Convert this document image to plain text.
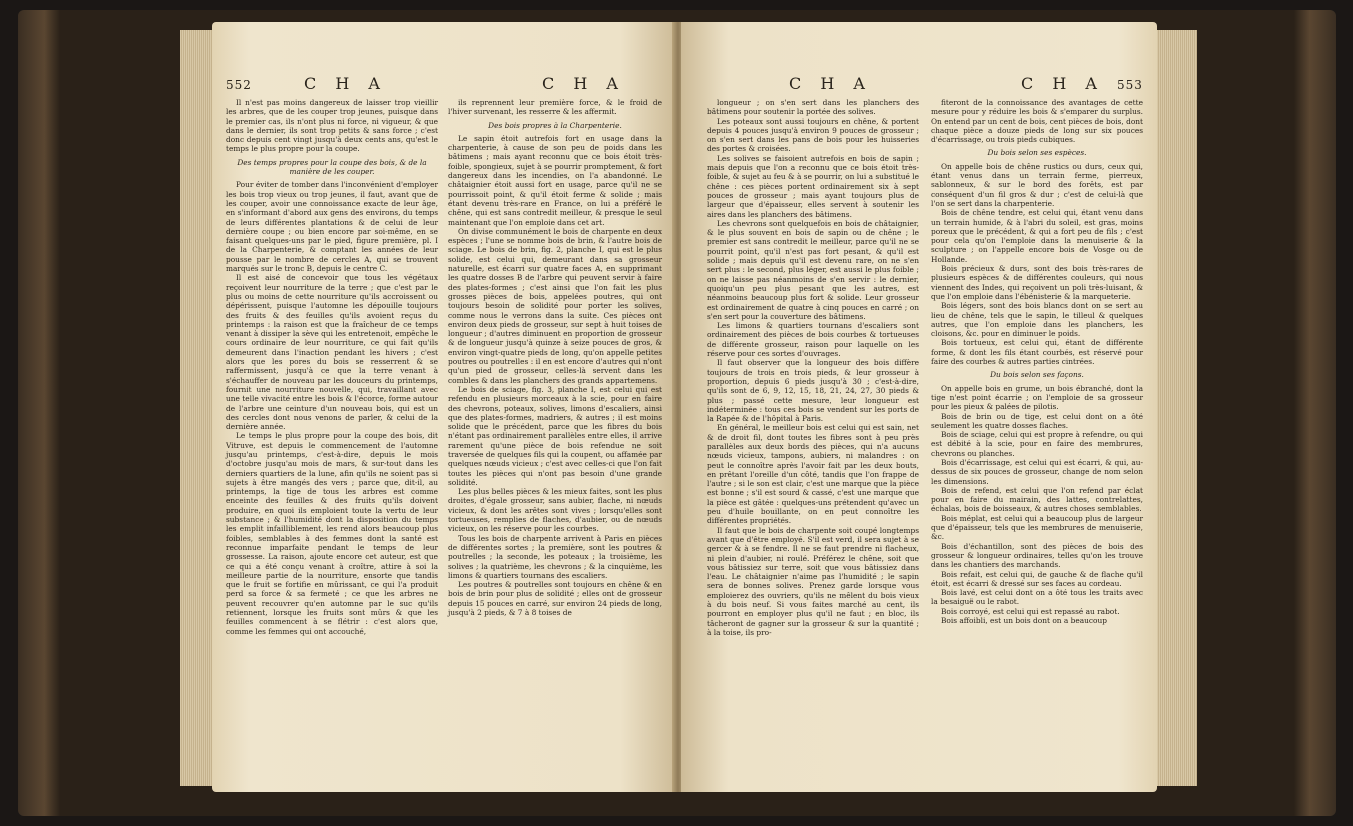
552	C H A	C H A

Il n'est pas moins dangereux de laisser trop vieillir les arbres, que de les couper trop jeunes, puisque dans le premier cas, ils n'ont plus ni force, ni vigueur, & que dans le dernier, ils sont trop petits & sans force ; c'est donc depuis cent vingt jusqu'à deux cents ans, qu'est le temps le plus propre pour la coupe.

Des temps propres pour la coupe des bois, & de la manière de les couper.

Pour éviter de tomber dans l'inconvénient d'employer les bois trop vieux ou trop jeunes, il faut, avant que de les couper, avoir une connoissance exacte de leur âge, en s'informant d'abord aux gens des environs, du temps de leurs différentes plantations & de celui de leur dernière coupe ; ou bien encore par soi-même, en se faisant quelques-uns par le pied, figure première, pl. I de la Charpenterie, & comptant les années de leur pousse par le nombre de cercles A, qui se trouvent marqués sur le tronc B, depuis le centre C.

Il est aisé de concevoir que tous les végétaux reçoivent leur nourriture de la terre ; que c'est par le plus ou moins de cette nourriture qu'ils accroissent ou dépérissent, puisque l'automne les dépouille toujours des fruits & des feuilles qu'ils avoient reçus du printemps : la raison est que la fraîcheur de ce temps venant à dissiper la sève qui les entretenoit, empêche le cours ordinaire de leur nourriture, ce qui fait qu'ils demeurent dans l'inaction pendant les hivers ; c'est alors que les pores du bois se resserrent & se raffermissent, jusqu'à ce que la terre venant à s'échauffer de nouveau par les douceurs du printemps, fournit une nourriture nouvelle, qui, travaillant avec une telle vivacité entre les bois & l'écorce, forme autour de l'arbre une ceinture d'un nouveau bois, qui est un des cercles dont nous venons de parler, & celui de la dernière année.

Le temps le plus propre pour la coupe des bois, dit Vitruve, est depuis le commencement de l'automne jusqu'au printemps, c'est-à-dire, depuis le mois d'octobre jusqu'au mois de mars, & sur-tout dans les derniers quartiers de la lune, afin qu'ils ne soient pas si sujets à être mangés des vers ; parce que, dit-il, au printemps, la tige de tous les arbres est comme enceinte des feuilles & des fruits qu'ils doivent produire, en quoi ils emploient toute la vertu de leur substance ; & l'humidité dont la disposition du temps les emplit infailliblement, les rend alors beaucoup plus foibles, semblables à des femmes dont la santé est reconnue imparfaite pendant le temps de leur grossesse. La raison, ajoute encore cet auteur, est que ce qui a été conçu venant à croître, attire à soi la meilleure partie de la nourriture, ensorte que tandis que le fruit se fortifie en mûrissant, ce qui l'a produit perd sa force & sa fermeté ; ce que les arbres ne peuvent recouvrer qu'en automne par le suc qu'ils retiennent, lorsque les fruits sont mûrs & que les feuilles commencent à se flétrir : c'est alors que, comme les femmes qui ont accouché,

ils reprennent leur première force, & le froid de l'hiver survenant, les resserre & les affermit.

Des bois propres à la Charpenterie.

Le sapin étoit autrefois fort en usage dans la charpenterie, à cause de son peu de poids dans les bâtimens ; mais ayant reconnu que ce bois étoit très-foible, spongieux, sujet à se pourrir promptement, & fort dangereux dans les incendies, on l'a abandonné. Le châtaignier étoit aussi fort en usage, parce qu'il ne se pourrissoit point, & qu'il étoit ferme & solide ; mais étant devenu très-rare en France, on lui a préféré le chêne, qui est sans contredit meilleur, & presque le seul maintenant que l'on emploie dans cet art.

On divise communément le bois de charpente en deux espèces ; l'une se nomme bois de brin, & l'autre bois de sciage. Le bois de brin, fig. 2, planche I, qui est le plus solide, est celui qui, demeurant dans sa grosseur naturelle, est écarri sur quatre faces A, en supprimant les quatre dosses B de l'arbre qui peuvent servir à faire des plates-formes ; c'est ainsi que l'on fait les plus grosses pièces de bois, appelées poutres, qui ont toujours besoin de solidité pour porter les solives, comme nous le verrons dans la suite. Ces pièces ont environ deux pieds de grosseur, sur sept à huit toises de longueur ; d'autres diminuent en proportion de grosseur & de longueur jusqu'à quinze à seize pouces de gros, & environ vingt-quatre pieds de long, qu'on appelle petites poutres ou poutrelles : il en est encore d'autres qui n'ont qu'un pied de grosseur, celles-là servent dans les combles & dans les planchers des grands appartemens.

Le bois de sciage, fig. 3, planche I, est celui qui est refendu en plusieurs morceaux à la scie, pour en faire des chevrons, poteaux, solives, limons d'escaliers, ainsi que des plates-formes, madriers, & autres ; il est moins solide que le précédent, parce que les fibres du bois n'étant pas ordinairement parallèles entre elles, il arrive rarement qu'une pièce de bois refendue ne soit traversée de quelques fils qui la coupent, ou affamée par quelques nœuds vicieux ; c'est avec celles-ci que l'on fait toutes les pièces qui n'ont pas besoin d'une grande solidité.

Les plus belles pièces & les mieux faites, sont les plus droites, d'égale grosseur, sans aubier, flache, ni nœuds vicieux, & dont les arêtes sont vives ; lorsqu'elles sont tortueuses, remplies de flaches, d'aubier, ou de nœuds vicieux, on les réserve pour les courbes.

Tous les bois de charpente arrivent à Paris en pièces de différentes sortes ; la première, sont les poutres & poutrelles ; la seconde, les poteaux ; la troisième, les solives ; la quatrième, les chevrons ; & la cinquième, les limons & quartiers tournans des escaliers.

Les poutres & poutrelles sont toujours en chêne & en bois de brin pour plus de solidité ; elles ont de grosseur depuis 15 pouces en carré, sur environ 24 pieds de long, jusqu'à 2 pieds, & 7 à 8 toises de

C H A	C H A 553

longueur ; on s'en sert dans les planchers des bâtimens pour soutenir la portée des solives.

Les poteaux sont aussi toujours en chêne, & portent depuis 4 pouces jusqu'à environ 9 pouces de grosseur ; on s'en sert dans les pans de bois pour les huisseries des portes & croisées.

Les solives se faisoient autrefois en bois de sapin ; mais depuis que l'on a reconnu que ce bois étoit très-foible, & sujet au feu & à se pourrir, on lui a substitué le chêne : ces pièces portent ordinairement six à sept pouces de grosseur ; mais ayant toujours plus de largeur que d'épaisseur, elles servent à soutenir les aires dans les planchers des bâtimens.

Les chevrons sont quelquefois en bois de châtaignier, & le plus souvent en bois de sapin ou de chêne ; le premier est sans contredit le meilleur, parce qu'il ne se pourrit point, qu'il n'est pas fort pesant, & qu'il est solide ; mais depuis qu'il est devenu rare, on ne s'en sert plus : le second, plus léger, est aussi le plus foible ; on ne laisse pas néanmoins de s'en servir : le dernier, quoiqu'un peu plus pesant que les autres, est néanmoins beaucoup plus fort & solide. Leur grosseur est ordinairement de quatre à cinq pouces en carré ; on s'en sert pour la couverture des bâtimens.

Les limons & quartiers tournans d'escaliers sont ordinairement des pièces de bois courbes & tortueuses de différente grosseur, raison pour laquelle on les réserve pour ces sortes d'ouvrages.

Il faut observer que la longueur des bois diffère toujours de trois en trois pieds, & leur grosseur à proportion, depuis 6 pieds jusqu'à 30 ; c'est-à-dire, qu'ils sont de 6, 9, 12, 15, 18, 21, 24, 27, 30 pieds & plus ; passé cette mesure, leur longueur est indéterminée : tous ces bois se vendent sur les ports de la Rapée & de l'hôpital à Paris.

En général, le meilleur bois est celui qui est sain, net & de droit fil, dont toutes les fibres sont à peu près parallèles aux deux bords des pièces, qui n'a aucuns nœuds vicieux, tampons, aubiers, ni malandres : on peut le connoître après l'avoir fait par les deux bouts, en prêtant l'oreille d'un côté, tandis que l'on frappe de l'autre ; si le son est clair, c'est une marque que la pièce est bonne ; s'il est sourd & cassé, c'est une marque que la pièce est gâtée : quelques-uns prétendent qu'avec un peu d'huile bouillante, on en peut connoître les différentes propriétés.

Il faut que le bois de charpente soit coupé longtemps avant que d'être employé. S'il est verd, il sera sujet à se gercer & à se fendre. Il ne se faut prendre ni flacheux, ni plein d'aubier, ni roulé. Préférez le chêne, soit que vous bâtissiez sur terre, soit que vous bâtissiez dans l'eau. Le châtaignier n'aime pas l'humidité ; le sapin sera de bonnes solives. Prenez garde lorsque vous emploierez des ouvriers, qu'ils ne mêlent du bois vieux à du bois neuf. Si vous faites marché au cent, ils pourront en employer plus qu'il ne faut ; en bloc, ils tâcheront de gagner sur la grosseur & sur la quantité ; à la toise, ils pro-

fiteront de la connoissance des avantages de cette mesure pour y réduire les bois & s'emparer du surplus. On entend par un cent de bois, cent pièces de bois, dont chaque pièce a douze pieds de long sur six pouces d'écarrissage, ou trois pieds cubiques.

Du bois selon ses espèces.

On appelle bois de chêne rustics ou durs, ceux qui, étant venus dans un terrain ferme, pierreux, sablonneux, & sur le bord des forêts, est par conséquent d'un fil gros & dur ; c'est de celui-là que l'on se sert dans la charpenterie.

Bois de chêne tendre, est celui qui, étant venu dans un terrain humide, & à l'abri du soleil, est gras, moins poreux que le précédent, & qui a fort peu de fils ; c'est pour cela qu'on l'emploie dans la menuiserie & la sculpture ; on l'appelle encore bois de Vosge ou de Hollande.

Bois précieux & durs, sont des bois très-rares de plusieurs espèces & de différentes couleurs, qui nous viennent des Indes, qui reçoivent un poli très-luisant, & que l'on emploie dans l'ébénisterie & la marqueterie.

Bois légers, sont des bois blancs dont on se sert au lieu de chêne, tels que le sapin, le tilleul & quelques autres, que l'on emploie dans les planchers, les cloisons, &c. pour en diminuer le poids.

Bois tortueux, est celui qui, étant de différente forme, & dont les fils étant courbés, est réservé pour faire des courbes & autres parties cintrées.

Du bois selon ses façons.

On appelle bois en grume, un bois ébranché, dont la tige n'est point écarrie ; on l'emploie de sa grosseur pour les pieux & palées de pilotis.

Bois de brin ou de tige, est celui dont on a ôté seulement les quatre dosses flaches.

Bois de sciage, celui qui est propre à refendre, ou qui est débité à la scie, pour en faire des membrures, chevrons ou planches.

Bois d'écarrissage, est celui qui est écarri, & qui, au-dessus de six pouces de grosseur, change de nom selon les dimensions.

Bois de refend, est celui que l'on refend par éclat pour en faire du mairain, des lattes, contrelattes, échalas, bois de boisseaux, & autres choses semblables.

Bois méplat, est celui qui a beaucoup plus de largeur que d'épaisseur, tels que les membrures de menuiserie, &c.

Bois d'échantillon, sont des pièces de bois des grosseur & longueur ordinaires, telles qu'on les trouve dans les chantiers des marchands.

Bois refait, est celui qui, de gauche & de flache qu'il étoit, est écarri & dressé sur ses faces au cordeau.

Bois lavé, est celui dont on a ôté tous les traits avec la besaiguë ou le rabot.

Bois corroyé, est celui qui est repassé au rabot.

Bois affoibli, est un bois dont on a beaucoup
